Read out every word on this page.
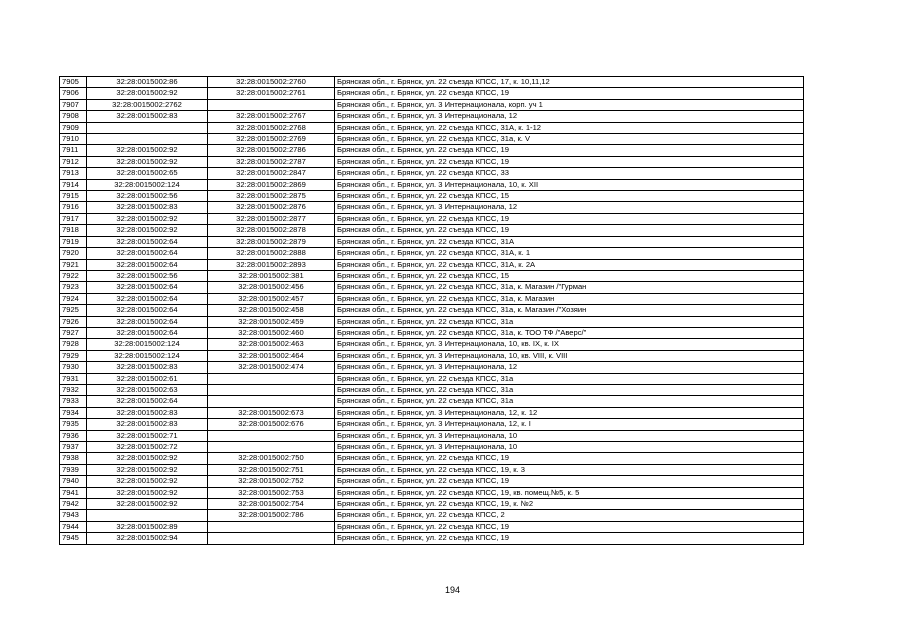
7905	32:28:0015002:86	32:28:0015002:2760	Брянская обл., г. Брянск, ул. 22 съезда КПСС, 17, к. 10,11,12
7906	32:28:0015002:92	32:28:0015002:2761	Брянская обл., г. Брянск, ул. 22 съезда КПСС, 19
7907	32:28:0015002:2762		Брянская обл., г. Брянск, ул. 3 Интернационала, корп. уч 1
7908	32:28:0015002:83	32:28:0015002:2767	Брянская обл., г. Брянск, ул. 3 Интернационала, 12
7909		32:28:0015002:2768	Брянская обл., г. Брянск, ул. 22 съезда КПСС, 31А, к. 1-12
7910		32:28:0015002:2769	Брянская обл., г. Брянск, ул. 22 съезда КПСС, 31а, к. V
7911	32:28:0015002:92	32:28:0015002:2786	Брянская обл., г. Брянск, ул. 22 съезда КПСС, 19
7912	32:28:0015002:92	32:28:0015002:2787	Брянская обл., г. Брянск, ул. 22 съезда КПСС, 19
7913	32:28:0015002:65	32:28:0015002:2847	Брянская обл., г. Брянск, ул. 22 съезда КПСС, 33
7914	32:28:0015002:124	32:28:0015002:2869	Брянская обл., г. Брянск, ул. 3 Интернационала, 10, к. XII
7915	32:28:0015002:56	32:28:0015002:2875	Брянская обл., г. Брянск, ул. 22 съезда КПСС, 15
7916	32:28:0015002:83	32:28:0015002:2876	Брянская обл., г. Брянск, ул. 3 Интернационала, 12
7917	32:28:0015002:92	32:28:0015002:2877	Брянская обл., г. Брянск, ул. 22 съезда КПСС, 19
7918	32:28:0015002:92	32:28:0015002:2878	Брянская обл., г. Брянск, ул. 22 съезда КПСС, 19
7919	32:28:0015002:64	32:28:0015002:2879	Брянская обл., г. Брянск, ул. 22 съезда КПСС, 31А
7920	32:28:0015002:64	32:28:0015002:2888	Брянская обл., г. Брянск, ул. 22 съезда КПСС, 31А, к. 1
7921	32:28:0015002:64	32:28:0015002:2893	Брянская обл., г. Брянск, ул. 22 съезда КПСС, 31А, к. 2А
7922	32:28:0015002:56	32:28:0015002:381	Брянская обл., г. Брянск, ул. 22 съезда КПСС, 15
7923	32:28:0015002:64	32:28:0015002:456	Брянская обл., г. Брянск, ул. 22 съезда КПСС, 31а, к. Магазин /"Гурман
7924	32:28:0015002:64	32:28:0015002:457	Брянская обл., г. Брянск, ул. 22 съезда КПСС, 31а, к. Магазин
7925	32:28:0015002:64	32:28:0015002:458	Брянская обл., г. Брянск, ул. 22 съезда КПСС, 31а, к. Магазин /"Хозяин
7926	32:28:0015002:64	32:28:0015002:459	Брянская обл., г. Брянск, ул. 22 съезда КПСС, 31а
7927	32:28:0015002:64	32:28:0015002:460	Брянская обл., г. Брянск, ул. 22 съезда КПСС, 31а, к. ТОО ТФ /"Аверс/"
7928	32:28:0015002:124	32:28:0015002:463	Брянская обл., г. Брянск, ул. 3 Интернационала, 10, кв. IX, к. IX
7929	32:28:0015002:124	32:28:0015002:464	Брянская обл., г. Брянск, ул. 3 Интернационала, 10, кв. VIII, к. VIII
7930	32:28:0015002:83	32:28:0015002:474	Брянская обл., г. Брянск, ул. 3 Интернационала, 12
7931	32:28:0015002:61		Брянская обл., г. Брянск, ул. 22 съезда КПСС, 31а
7932	32:28:0015002:63		Брянская обл., г. Брянск, ул. 22 съезда КПСС, 31а
7933	32:28:0015002:64		Брянская обл., г. Брянск, ул. 22 съезда КПСС, 31а
7934	32:28:0015002:83	32:28:0015002:673	Брянская обл., г. Брянск, ул. 3 Интернационала, 12, к. 12
7935	32:28:0015002:83	32:28:0015002:676	Брянская обл., г. Брянск, ул. 3 Интернационала, 12, к. I
7936	32:28:0015002:71		Брянская обл., г. Брянск, ул. 3 Интернационала, 10
7937	32:28:0015002:72		Брянская обл., г. Брянск, ул. 3 Интернационала, 10
7938	32:28:0015002:92	32:28:0015002:750	Брянская обл., г. Брянск, ул. 22 съезда КПСС, 19
7939	32:28:0015002:92	32:28:0015002:751	Брянская обл., г. Брянск, ул. 22 съезда КПСС, 19, к. 3
7940	32:28:0015002:92	32:28:0015002:752	Брянская обл., г. Брянск, ул. 22 съезда КПСС, 19
7941	32:28:0015002:92	32:28:0015002:753	Брянская обл., г. Брянск, ул. 22 съезда КПСС, 19, кв. помещ.№5, к. 5
7942	32:28:0015002:92	32:28:0015002:754	Брянская обл., г. Брянск, ул. 22 съезда КПСС, 19, к. №2
7943		32:28:0015002:786	Брянская обл., г. Брянск, ул. 22 съезда КПСС, 2
7944	32:28:0015002:89		Брянская обл., г. Брянск, ул. 22 съезда КПСС, 19
7945	32:28:0015002:94		Брянская обл., г. Брянск, ул. 22 съезда КПСС, 19
194
